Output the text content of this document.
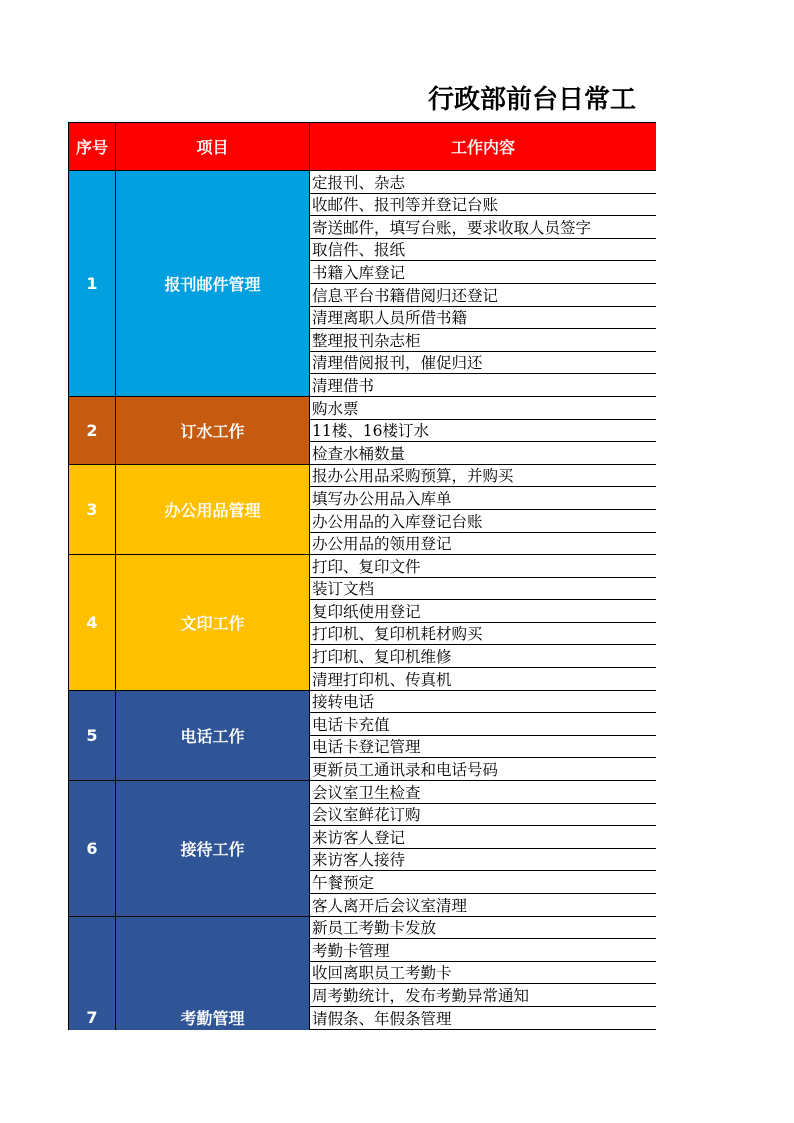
行政部前台日常工
序号	项目	工作内容
1	报刊邮件管理	定报刊、杂志
		收邮件、报刊等并登记台账
		寄送邮件，填写台账，要求收取人员签字
		取信件、报纸
		书籍入库登记
		信息平台书籍借阅归还登记
		清理离职人员所借书籍
		整理报刊杂志柜
		清理借阅报刊，催促归还
		清理借书
2	订水工作	购水票
		11楼、16楼订水
		检查水桶数量
3	办公用品管理	报办公用品采购预算，并购买
		填写办公用品入库单
		办公用品的入库登记台账
		办公用品的领用登记
4	文印工作	打印、复印文件
		装订文档
		复印纸使用登记
		打印机、复印机耗材购买
		打印机、复印机维修
		清理打印机、传真机
5	电话工作	接转电话
		电话卡充值
		电话卡登记管理
		更新员工通讯录和电话号码
6	接待工作	会议室卫生检查
		会议室鲜花订购
		来访客人登记
		来访客人接待
		午餐预定
		客人离开后会议室清理
7	考勤管理	新员工考勤卡发放
		考勤卡管理
		收回离职员工考勤卡
		周考勤统计，发布考勤异常通知
		请假条、年假条管理
